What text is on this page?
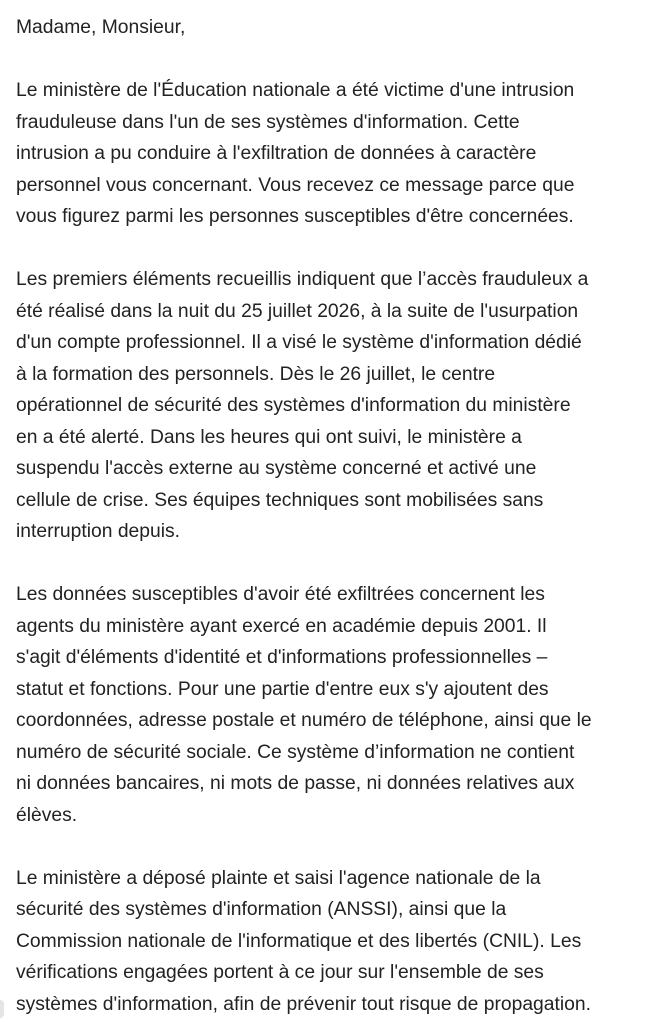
Madame, Monsieur,
Le ministère de l'Éducation nationale a été victime d'une intrusion
frauduleuse dans l'un de ses systèmes d'information. Cette
intrusion a pu conduire à l'exfiltration de données à caractère
personnel vous concernant. Vous recevez ce message parce que
vous figurez parmi les personnes susceptibles d'être concernées.
Les premiers éléments recueillis indiquent que l’accès frauduleux a
été réalisé dans la nuit du 25 juillet 2026, à la suite de l'usurpation
d'un compte professionnel. Il a visé le système d'information dédié
à la formation des personnels. Dès le 26 juillet, le centre
opérationnel de sécurité des systèmes d'information du ministère
en a été alerté. Dans les heures qui ont suivi, le ministère a
suspendu l'accès externe au système concerné et activé une
cellule de crise. Ses équipes techniques sont mobilisées sans
interruption depuis.
Les données susceptibles d'avoir été exfiltrées concernent les
agents du ministère ayant exercé en académie depuis 2001. Il
s'agit d'éléments d'identité et d'informations professionnelles –
statut et fonctions. Pour une partie d'entre eux s'y ajoutent des
coordonnées, adresse postale et numéro de téléphone, ainsi que le
numéro de sécurité sociale. Ce système d’information ne contient
ni données bancaires, ni mots de passe, ni données relatives aux
élèves.
Le ministère a déposé plainte et saisi l'agence nationale de la
sécurité des systèmes d'information (ANSSI), ainsi que la
Commission nationale de l'informatique et des libertés (CNIL). Les
vérifications engagées portent à ce jour sur l'ensemble de ses
systèmes d'information, afin de prévenir tout risque de propagation.
